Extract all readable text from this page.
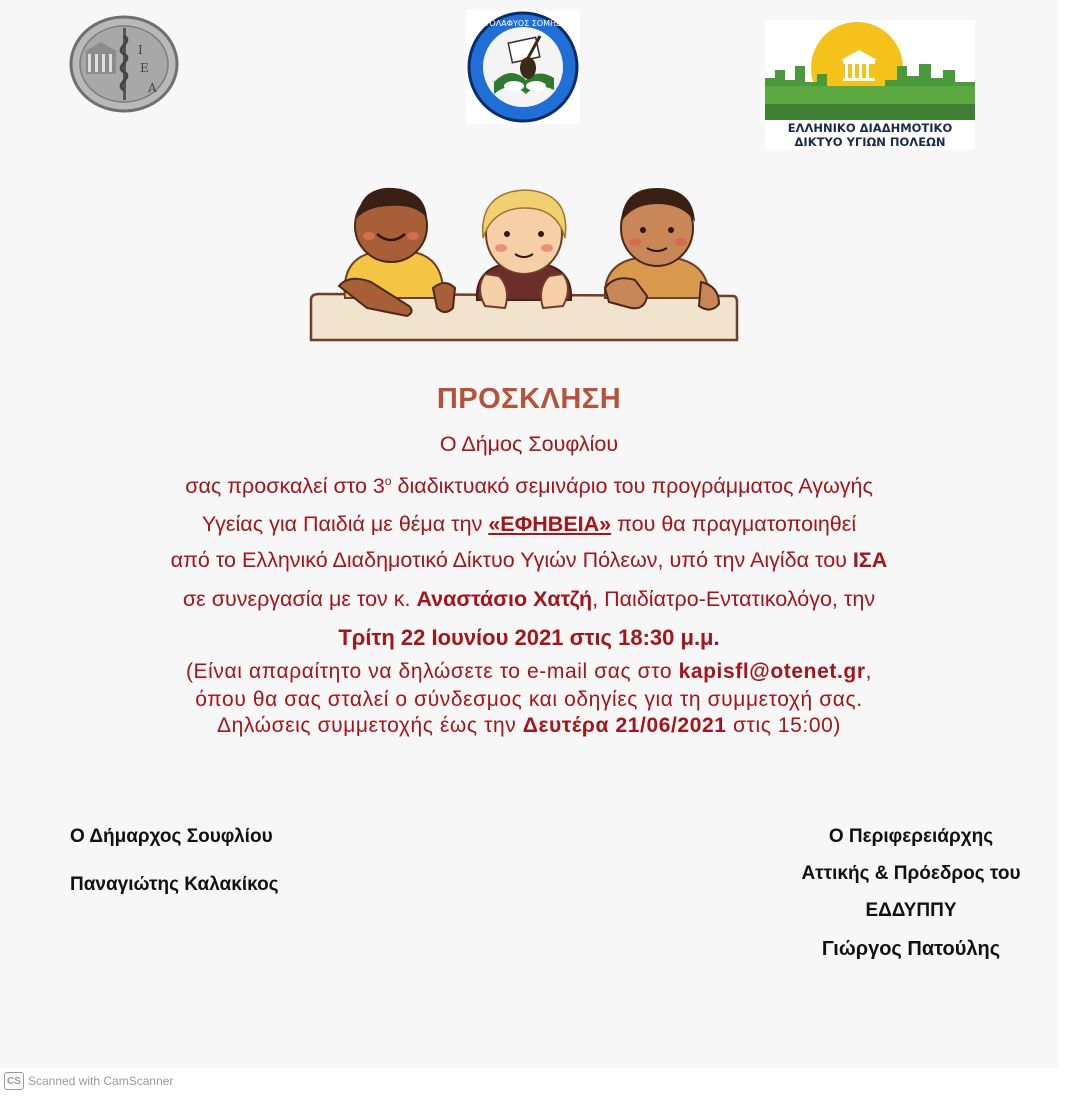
Ι
Ε
Α
ΥΟΛΑΦΥΟΣ ΣΟΜΗΔ
ΕΛΛΗΝΙΚΟ ΔΙΑΔΗΜΟΤΙΚΟ
ΔΙΚΤΥΟ ΥΓΙΩΝ ΠΟΛΕΩΝ
ΠΡΟΣΚΛΗΣΗ
Ο Δήμος Σουφλίου
σας προσκαλεί στο $3^o$ διαδικτυακό σεμινάριο του προγράμματος Αγωγής
Υγείας για Παιδιά με θέμα την «ΕΦΗΒΕΙΑ» που θα πραγματοποιηθεί
από το Ελληνικό Διαδημοτικό Δίκτυο Υγιών Πόλεων, υπό την Αιγίδα του ΙΣΑ
σε συνεργασία με τον κ. Αναστάσιο Χατζή, Παιδίατρο-Εντατικολόγο, την
Τρίτη 22 Ιουνίου 2021 στις 18:30 μ.μ.
(Είναι απαραίτητο να δηλώσετε το e-mail σας στο kapisfl@otenet.gr,
όπου θα σας σταλεί ο σύνδεσμος και οδηγίες για τη συμμετοχή σας.
Δηλώσεις συμμετοχής έως την Δευτέρα 21/06/2021 στις 15:00)
Ο Δήμαρχος Σουφλίου
Παναγιώτης Καλακίκος
Ο Περιφερειάρχης
Αττικής & Πρόεδρος του
ΕΔΔΥΠΠΥ
Γιώργος Πατούλης
CS Scanned with CamScanner
